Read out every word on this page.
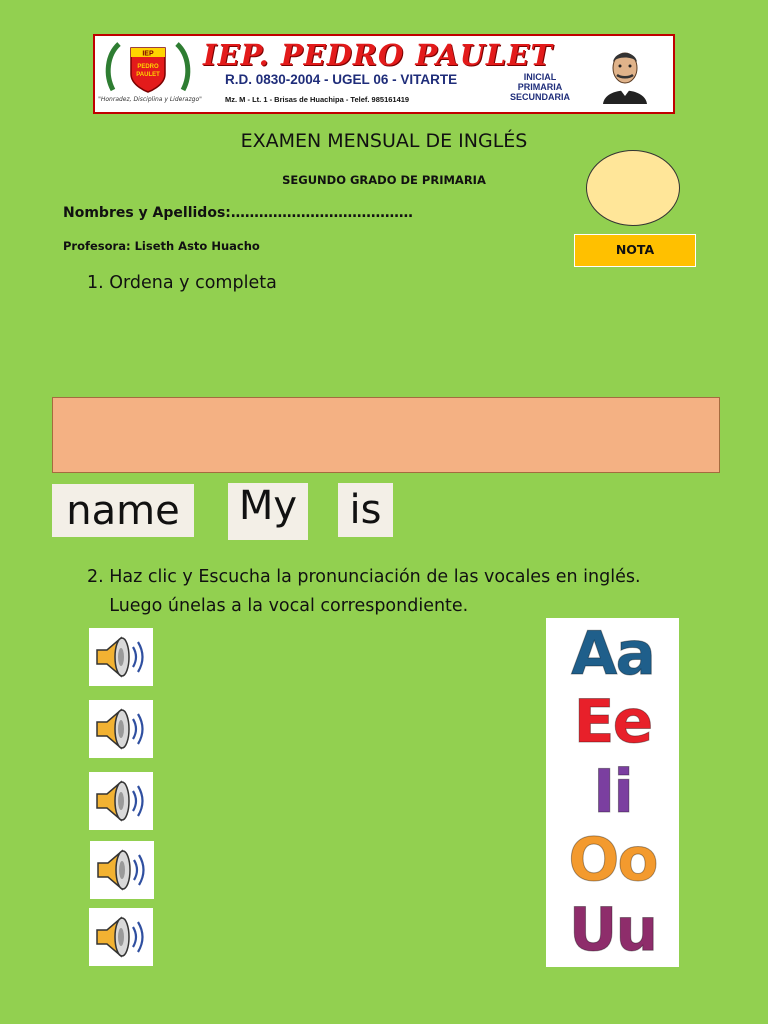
IEP
PEDRO
PAULET
"Honradez, Disciplina y Liderazgo"
IEP. PEDRO PAULET
R.D. 0830-2004 - UGEL 06 - VITARTE
Mz. M - Lt. 1 - Brisas de Huachipa - Telef. 985161419
INICIAL
PRIMARIA
SECUNDARIA
EXAMEN MENSUAL DE INGLÉS
SEGUNDO GRADO DE PRIMARIA
Nombres y Apellidos:…………………………………
Profesora: Liseth Asto Huacho	NOTA
1. Ordena y completa
name	My is
2. Haz clic y Escucha la pronunciación de las vocales en inglés.
Luego únelas a la vocal correspondiente.
Aa
Ee
Ii
Oo
Uu
